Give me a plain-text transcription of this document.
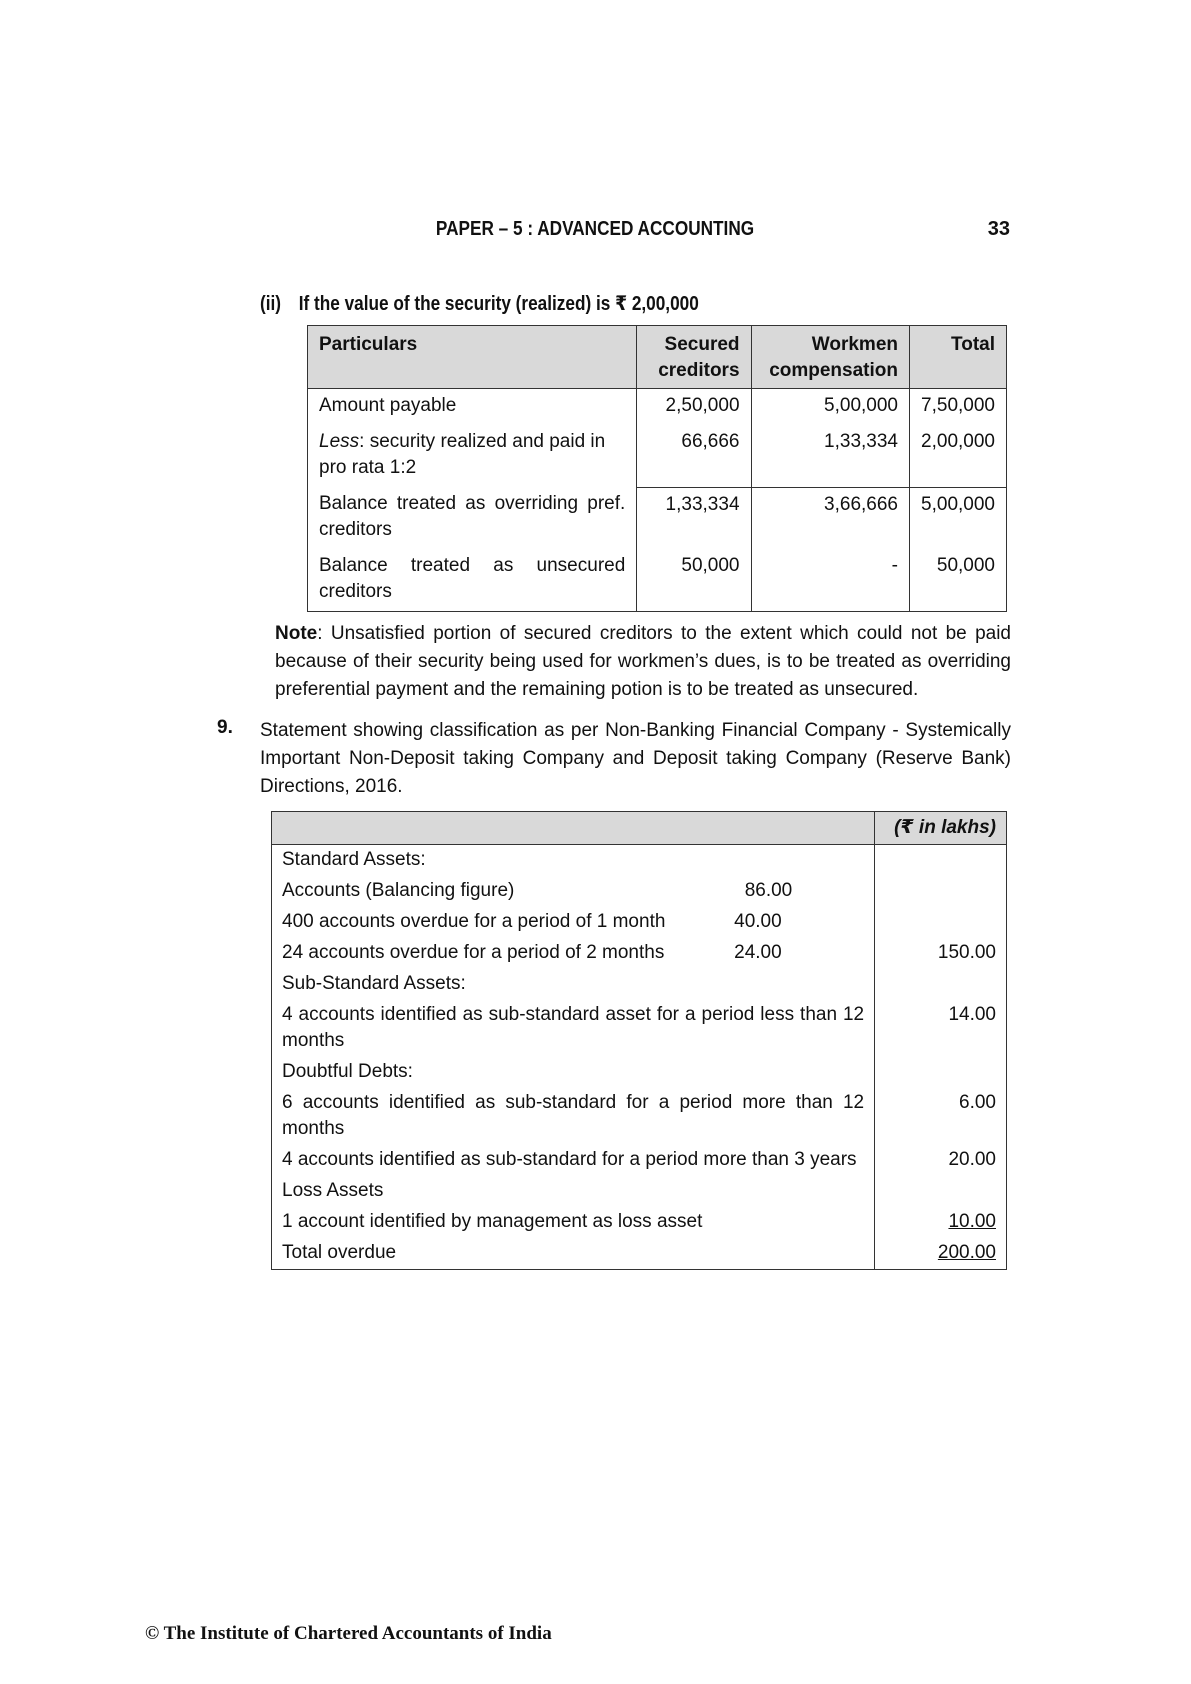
PAPER – 5 : ADVANCED ACCOUNTING	33
(ii) If the value of the security (realized) is ₹ 2,00,000
Particulars	Secured creditors	Workmen compensation	Total
Amount payable	2,50,000	5,00,000	7,50,000
Less: security realized and paid in pro rata 1:2	66,666	1,33,334	2,00,000
Balance treated as overriding pref. creditors	1,33,334	3,66,666	5,00,000
Balance treated as unsecured creditors	50,000	-	50,000
Note: Unsatisfied portion of secured creditors to the extent which could not be paid because of their security being used for workmen’s dues, is to be treated as overriding preferential payment and the remaining potion is to be treated as unsecured.
9. Statement showing classification as per Non-Banking Financial Company - Systemically Important Non-Deposit taking Company and Deposit taking Company (Reserve Bank) Directions, 2016.
	(₹ in lakhs)
Standard Assets:	

Accounts (Balancing figure) 86.00	

400 accounts overdue for a period of 1 month 40.00	

24 accounts overdue for a period of 2 months 24.00	150.00
Sub-Standard Assets:	
4 accounts identified as sub-standard asset for a period less than 12 months	14.00
Doubtful Debts:	
6 accounts identified as sub-standard for a period more than 12 months	6.00
4 accounts identified as sub-standard for a period more than 3 years	20.00
Loss Assets	
1 account identified by management as loss asset	10.00
Total overdue	200.00
© The Institute of Chartered Accountants of India
